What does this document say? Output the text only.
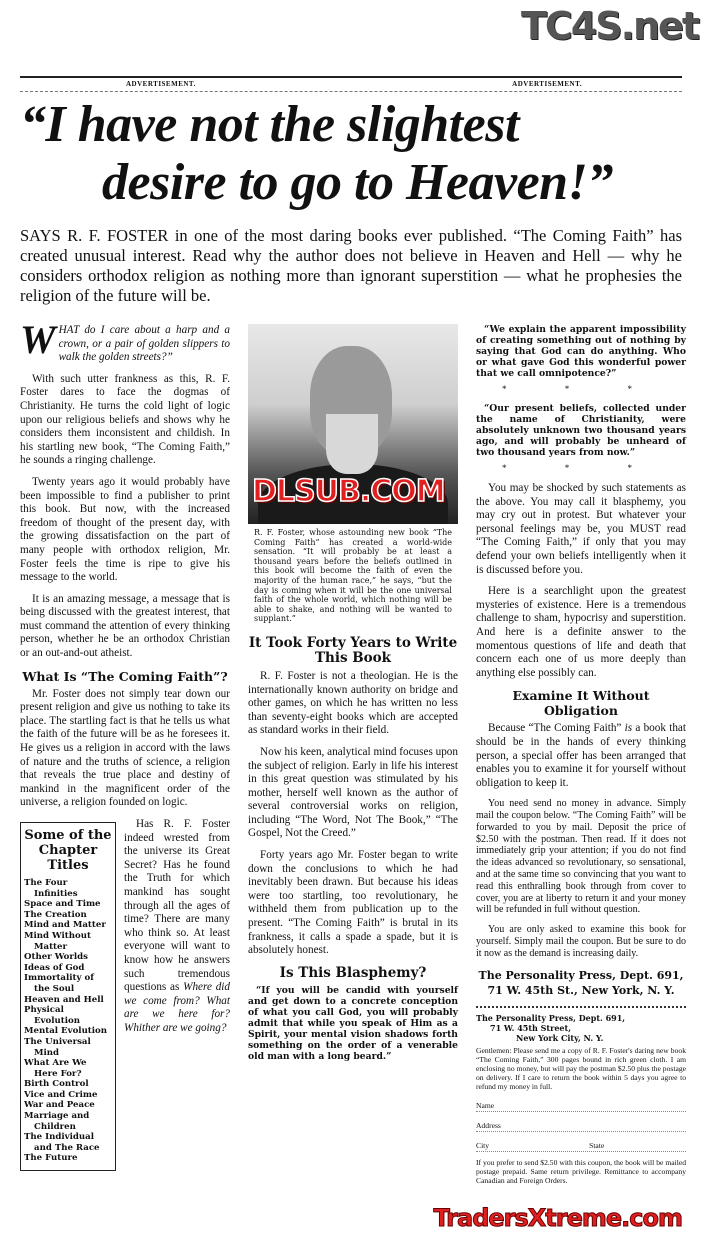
TC4S.net
ADVERTISEMENT.	ADVERTISEMENT.
“I have not the slightest
desire to go to Heaven!”

SAYS R. F. FOSTER in one of the most daring books ever published. “The Coming Faith” has created unusual interest. Read why the author does not believe in Heaven and Hell — why he considers orthodox religion as nothing more than ignorant superstition — what he prophesies the religion of the future will be.

WHAT do I care about a harp and a crown, or a pair of golden slippers to walk the golden streets?”

With such utter frankness as this, R. F. Foster dares to face the dogmas of Christianity. He turns the cold light of logic upon our religious beliefs and shows why he considers them inconsistent and childish. In his startling new book, “The Coming Faith,” he sounds a ringing challenge.

Twenty years ago it would probably have been impossible to find a publisher to print this book. But now, with the increased freedom of thought of the present day, with the growing dissatisfaction on the part of many people with orthodox religion, Mr. Foster feels the time is ripe to give his message to the world.

It is an amazing message, a message that is being discussed with the greatest interest, that must command the attention of every thinking person, whether he be an orthodox Christian or an out-and-out atheist.

What Is “The Coming Faith”?

Mr. Foster does not simply tear down our present religion and give us nothing to take its place. The startling fact is that he tells us what the faith of the future will be as he foresees it. He gives us a religion in accord with the laws of nature and the truths of science, a religion that reveals the true place and destiny of mankind in the magnificent order of the universe, a religion founded on logic.

Some of the Chapter Titles
The Four Infinities
Space and Time
The Creation
Mind and Matter
Mind Without Matter
Other Worlds
Ideas of God
Immortality of the Soul
Heaven and Hell
Physical Evolution
Mental Evolution
The Universal Mind
What Are We Here For?
Birth Control
Vice and Crime
War and Peace
Marriage and Children
The Individual and The Race
The Future

Has R. F. Foster indeed wrested from the universe its Great Secret? Has he found the Truth for which mankind has sought through all the ages of time? There are many who think so. At least everyone will want to know how he answers such tremendous questions as Where did we come from? What are we here for? Whither are we going?

DLSUB.COM

R. F. Foster, whose astounding new book “The Coming Faith” has created a world-wide sensation. “It will probably be at least a thousand years before the beliefs outlined in this book will become the faith of even the majority of the human race,” he says, “but the day is coming when it will be the one universal faith of the whole world, which nothing will be able to shake, and nothing will be wanted to supplant.”

It Took Forty Years to Write This Book

R. F. Foster is not a theologian. He is the internationally known authority on bridge and other games, on which he has written no less than seventy-eight books which are accepted as standard works in their field.

Now his keen, analytical mind focuses upon the subject of religion. Early in life his interest in this great question was stimulated by his mother, herself well known as the author of several controversial works on religion, including “The Word, Not The Book,” “The Gospel, Not the Creed.”

Forty years ago Mr. Foster began to write down the conclusions to which he had inevitably been drawn. But because his ideas were too startling, too revolutionary, he withheld them from publication up to the present. “The Coming Faith” is brutal in its frankness, it calls a spade a spade, but it is absolutely honest.

Is This Blasphemy?

“If you will be candid with yourself and get down to a concrete conception of what you call God, you will probably admit that while you speak of Him as a Spirit, your mental vision shadows forth something on the order of a venerable old man with a long beard.”

“We explain the apparent impossibility of creating something out of nothing by saying that God can do anything. Who or what gave God this wonderful power that we call omnipotence?”

* * *

“Our present beliefs, collected under the name of Christianity, were absolutely unknown two thousand years ago, and will probably be unheard of two thousand years from now.”

* * *

You may be shocked by such statements as the above. You may call it blasphemy, you may cry out in protest. But whatever your personal feelings may be, you MUST read “The Coming Faith,” if only that you may defend your own beliefs intelligently when it is discussed before you.

Here is a searchlight upon the greatest mysteries of existence. Here is a tremendous challenge to sham, hypocrisy and superstition. And here is a definite answer to the momentous questions of life and death that concern each one of us more deeply than anything else possibly can.

Examine It Without Obligation

Because “The Coming Faith” is a book that should be in the hands of every thinking person, a special offer has been arranged that enables you to examine it for yourself without obligation to keep it.

You need send no money in advance. Simply mail the coupon below. “The Coming Faith” will be forwarded to you by mail. Deposit the price of $2.50 with the postman. Then read. If it does not immediately grip your attention; if you do not find the ideas advanced so revolutionary, so sensational, and at the same time so convincing that you want to read this enthralling book through from cover to cover, you are at liberty to return it and your money will be refunded in full without question.

You are only asked to examine this book for yourself. Simply mail the coupon. But be sure to do it now as the demand is increasing daily.

The Personality Press, Dept. 691,
71 W. 45th St., New York, N. Y.
The Personality Press, Dept. 691,
71 W. 45th Street,
New York City, N. Y.

Gentlemen: Please send me a copy of R. F. Foster's daring new book “The Coming Faith,” 300 pages bound in rich green cloth. I am enclosing no money, but will pay the postman $2.50 plus the postage on delivery. If I care to return the book within 5 days you agree to refund my money in full.

Name
Address
City	State

If you prefer to send $2.50 with this coupon, the book will be mailed postage prepaid. Same return privilege. Remittance to accompany Canadian and Foreign Orders.

TradersXtreme.com
